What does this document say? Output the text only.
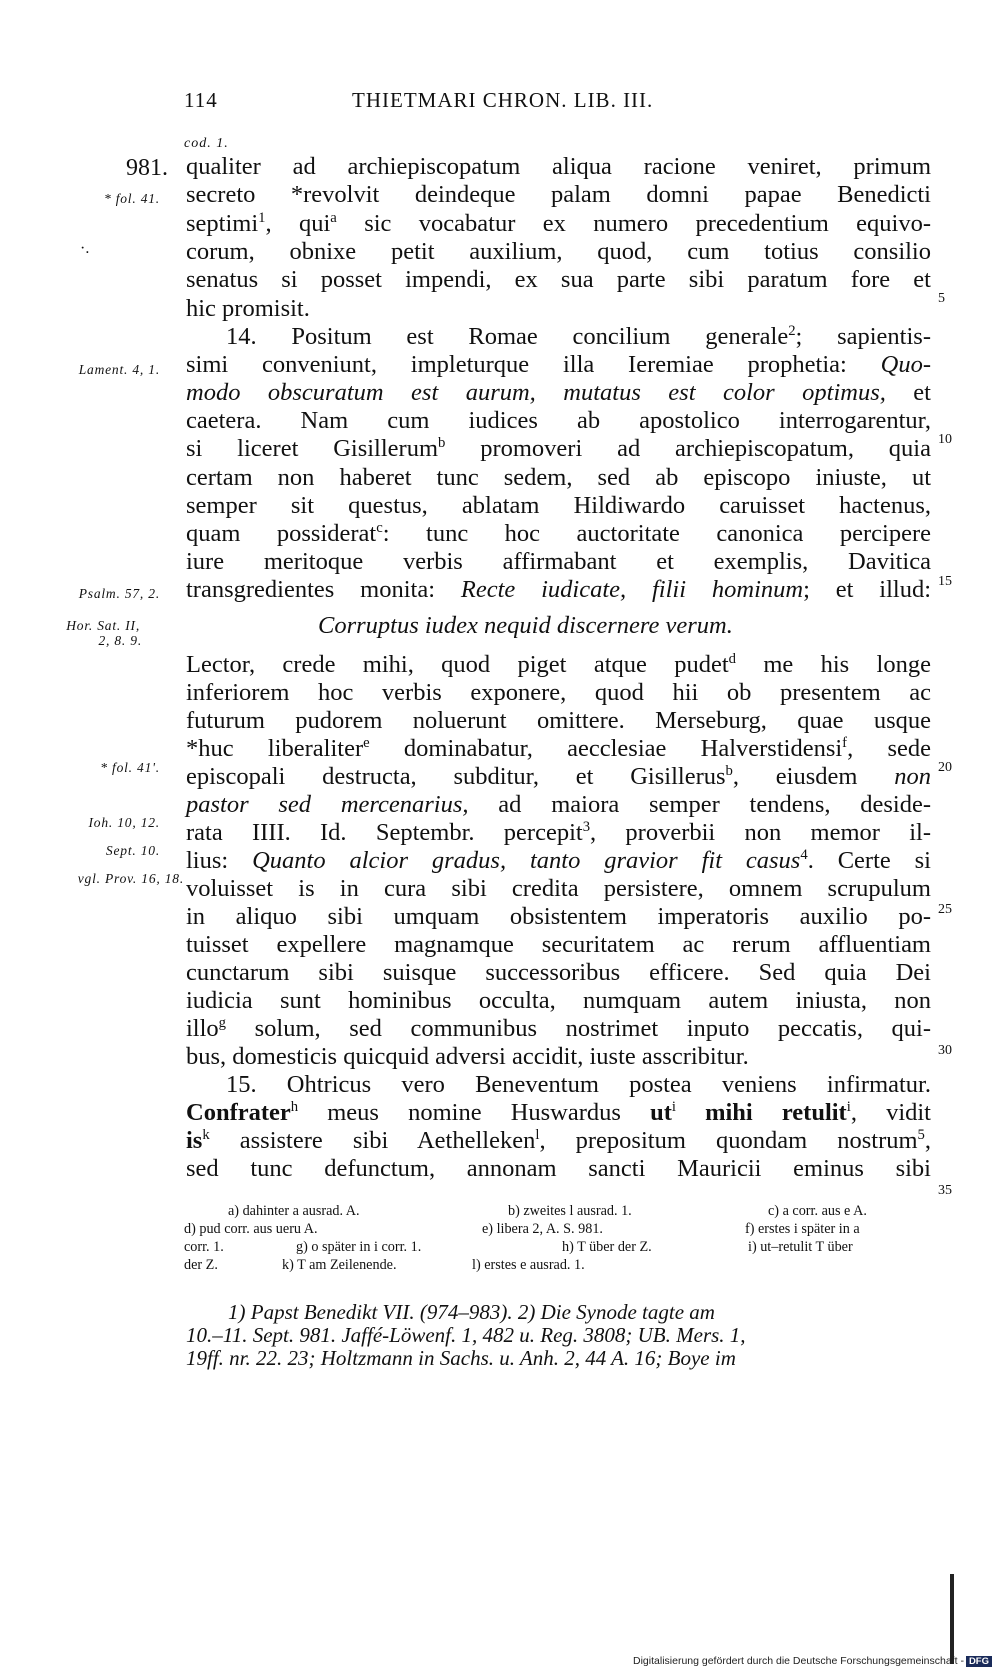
114	THIETMARI CHRON. LIB. III.
cod. 1.
981.
* fol. 41.
·.
Lament. 4, 1.
Psalm. 57, 2.
Hor. Sat. II,
2, 8. 9.
* fol. 41'.
Ioh. 10, 12.
Sept. 10.
vgl. Prov. 16, 18.
5
10
15
20
25
30
35
qualiter ad archiepiscopatum aliqua racione veniret, primum
secreto *revolvit deindeque palam domni papae Benedicti
septimi$^1$, qui$^a$ sic vocabatur ex numero precedentium equivo-
corum, obnixe petit auxilium, quod, cum totius consilio
senatus si posset impendi, ex sua parte sibi paratum fore et
hic promisit.
14. Positum est Romae concilium generale$^2$; sapientis-
simi conveniunt, impleturque illa Ieremiae prophetia: Quo-
modo obscuratum est aurum, mutatus est color optimus, et
caetera. Nam cum iudices ab apostolico interrogarentur,
si liceret Gisillerum$^b$ promoveri ad archiepiscopatum, quia
certam non haberet tunc sedem, sed ab episcopo iniuste, ut
semper sit questus, ablatam Hildiwardo caruisset hactenus,
quam possiderat$^c$: tunc hoc auctoritate canonica percipere
iure meritoque verbis affirmabant et exemplis, Davitica
transgredientes monita: Recte iudicate, filii hominum; et illud:
Corruptus iudex nequid discernere verum.
Lector, crede mihi, quod piget atque pudet$^d$ me his longe
inferiorem hoc verbis exponere, quod hii ob presentem ac
futurum pudorem noluerunt omittere. Merseburg, quae usque
*huc liberaliter$^e$ dominabatur, aecclesiae Halverstidensi$^f$, sede
episcopali destructa, subditur, et Gisillerus$^b$, eiusdem non
pastor sed mercenarius, ad maiora semper tendens, deside-
rata IIII. Id. Septembr. percepit$^3$, proverbii non memor il-
lius: Quanto alcior gradus, tanto gravior fit casus$^4$. Certe si
voluisset is in cura sibi credita persistere, omnem scrupulum
in aliquo sibi umquam obsistentem imperatoris auxilio po-
tuisset expellere magnamque securitatem ac rerum affluentiam
cunctarum sibi suisque successoribus efficere. Sed quia Dei
iudicia sunt hominibus occulta, numquam autem iniusta, non
illo$^g$ solum, sed communibus nostrimet inputo peccatis, qui-
bus, domesticis quicquid adversi accidit, iuste asscribitur.
15. Ohtricus vero Beneventum postea veniens infirmatur.
Confrater$^h$ meus nomine Huswardus $ut^i$ mihi retulit$^i$, vidit
$is^k$ assistere sibi Aethelleken$^l$, prepositum quondam nostrum$^5$,
sed tunc defunctum, annonam sancti Mauricii eminus sibi
a) dahinter a ausrad. A.	b) zweites l ausrad. 1.	c) a corr. aus e A.
d) pud corr. aus ueru A.	e) libera 2, A. S. 981.	f) erstes i später in a
corr. 1.	g) o später in i corr. 1.	h) T über der Z.	i) ut–retulit T über
der Z.	k) T am Zeilenende.	l) erstes e ausrad. 1.
1) Papst Benedikt VII. (974–983). 2) Die Synode tagte am
10.–11. Sept. 981. Jaffé-Löwenf. 1, 482 u. Reg. 3808; UB. Mers. 1,
19ff. nr. 22. 23; Holtzmann in Sachs. u. Anh. 2, 44 A. 16; Boye im
Digitalisierung gefördert durch die Deutsche Forschungsgemeinschaft - DFG
